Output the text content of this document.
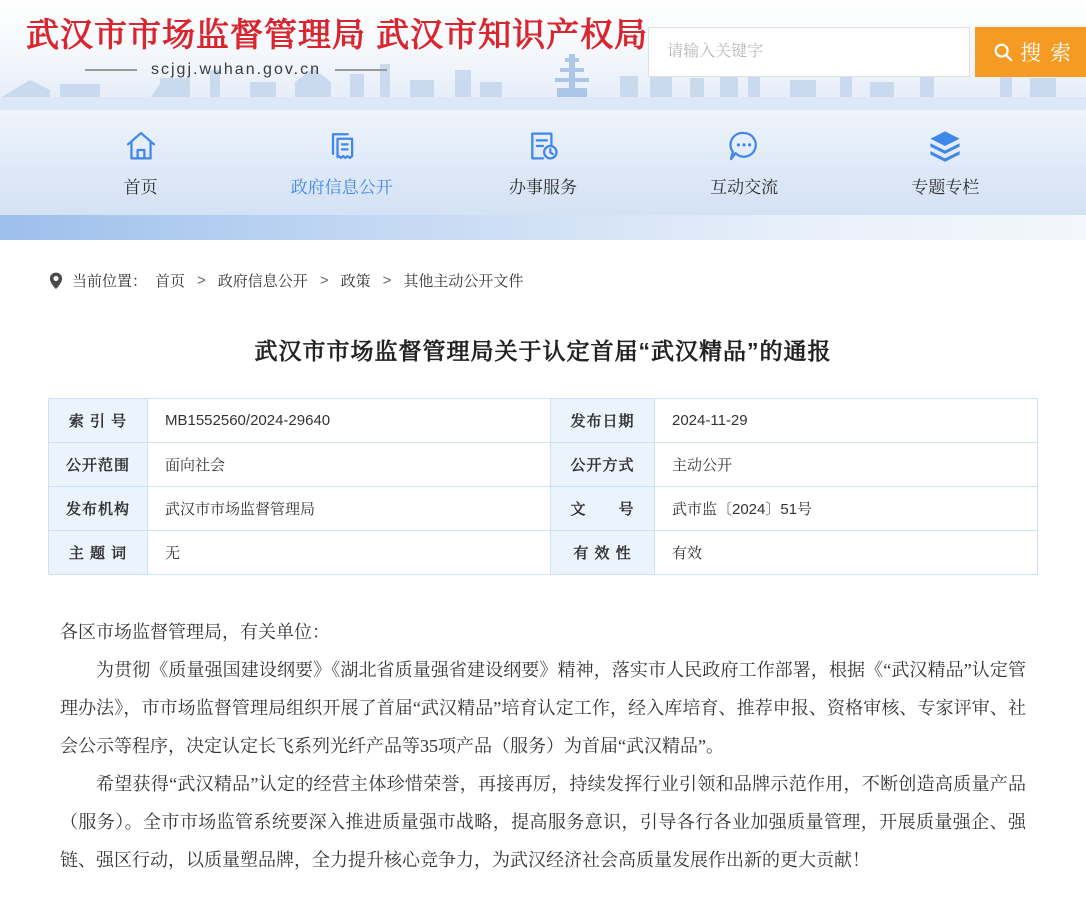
武汉市市场监督管理局 武汉市知识产权局
scjgj.wuhan.gov.cn
请输入关键字
搜索
首页	政府信息公开	办事服务	互动交流	专题专栏
当前位置： 首页 > 政府信息公开 > 政策 > 其他主动公开文件
武汉市市场监督管理局关于认定首届“武汉精品”的通报
索 引 号	MB1552560/2024-29640	发布日期	2024-11-29
公开范围	面向社会	公开方式	主动公开
发布机构	武汉市市场监督管理局	文　　号	武市监〔2024〕51号
主 题 词	无	有 效 性	有效

各区市场监督管理局，有关单位：

为贯彻《质量强国建设纲要》《湖北省质量强省建设纲要》精神，落实市人民政府工作部署，根据《“武汉精品”认定管理办法》，市市场监督管理局组织开展了首届“武汉精品”培育认定工作，经入库培育、推荐申报、资格审核、专家评审、社会公示等程序，决定认定长飞系列光纤产品等35项产品（服务）为首届“武汉精品”。

希望获得“武汉精品”认定的经营主体珍惜荣誉，再接再厉，持续发挥行业引领和品牌示范作用，不断创造高质量产品（服务）。全市市场监管系统要深入推进质量强市战略，提高服务意识，引导各行各业加强质量管理，开展质量强企、强链、强区行动，以质量塑品牌，全力提升核心竞争力，为武汉经济社会高质量发展作出新的更大贡献！
